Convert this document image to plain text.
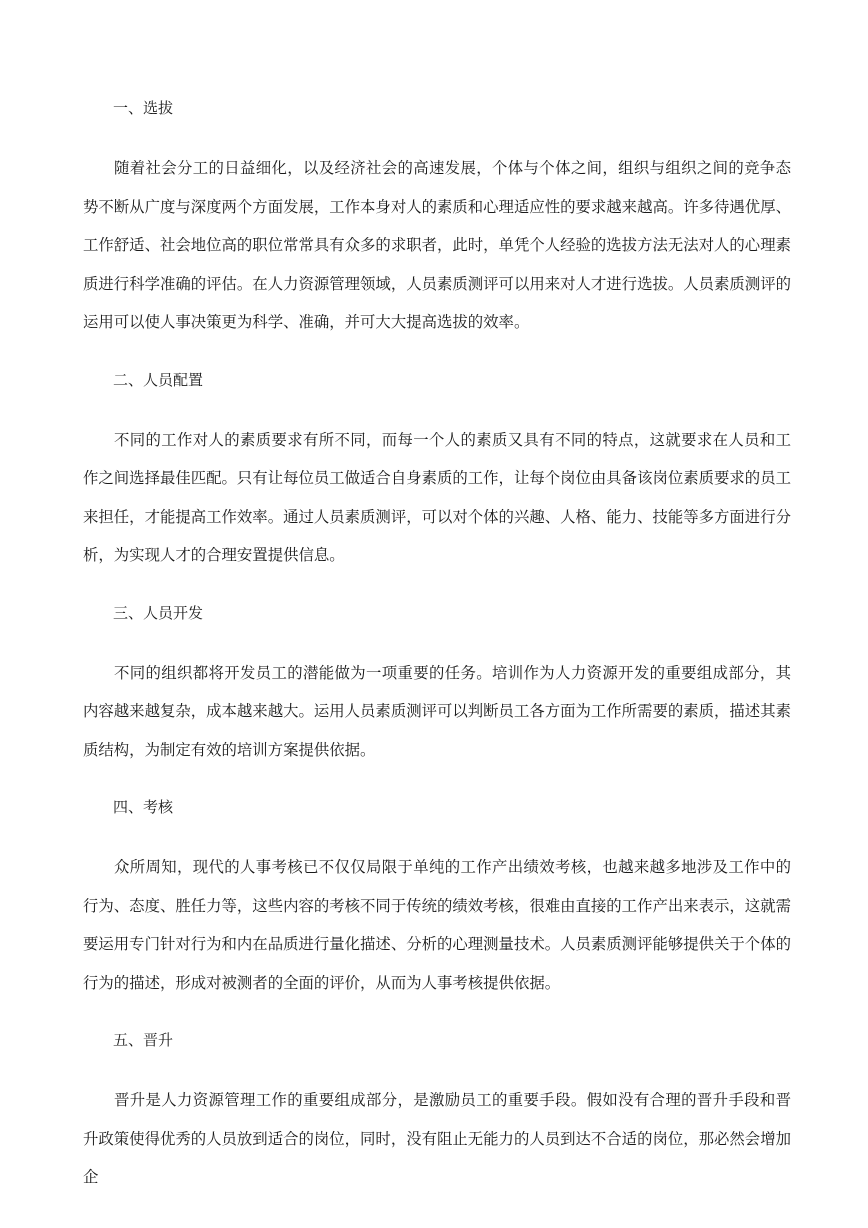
一、选拔

随着社会分工的日益细化，以及经济社会的高速发展，个体与个体之间，组织与组织之间的竞争态势不断从广度与深度两个方面发展，工作本身对人的素质和心理适应性的要求越来越高。许多待遇优厚、工作舒适、社会地位高的职位常常具有众多的求职者，此时，单凭个人经验的选拔方法无法对人的心理素质进行科学准确的评估。在人力资源管理领域，人员素质测评可以用来对人才进行选拔。人员素质测评的运用可以使人事决策更为科学、准确，并可大大提高选拔的效率。

二、人员配置

不同的工作对人的素质要求有所不同，而每一个人的素质又具有不同的特点，这就要求在人员和工作之间选择最佳匹配。只有让每位员工做适合自身素质的工作，让每个岗位由具备该岗位素质要求的员工来担任，才能提高工作效率。通过人员素质测评，可以对个体的兴趣、人格、能力、技能等多方面进行分析，为实现人才的合理安置提供信息。

三、人员开发

不同的组织都将开发员工的潜能做为一项重要的任务。培训作为人力资源开发的重要组成部分，其内容越来越复杂，成本越来越大。运用人员素质测评可以判断员工各方面为工作所需要的素质，描述其素质结构，为制定有效的培训方案提供依据。

四、考核

众所周知，现代的人事考核已不仅仅局限于单纯的工作产出绩效考核，也越来越多地涉及工作中的行为、态度、胜任力等，这些内容的考核不同于传统的绩效考核，很难由直接的工作产出来表示，这就需要运用专门针对行为和内在品质进行量化描述、分析的心理测量技术。人员素质测评能够提供关于个体的行为的描述，形成对被测者的全面的评价，从而为人事考核提供依据。

五、晋升

晋升是人力资源管理工作的重要组成部分，是激励员工的重要手段。假如没有合理的晋升手段和晋升政策使得优秀的人员放到适合的岗位，同时，没有阻止无能力的人员到达不合适的岗位，那必然会增加企
